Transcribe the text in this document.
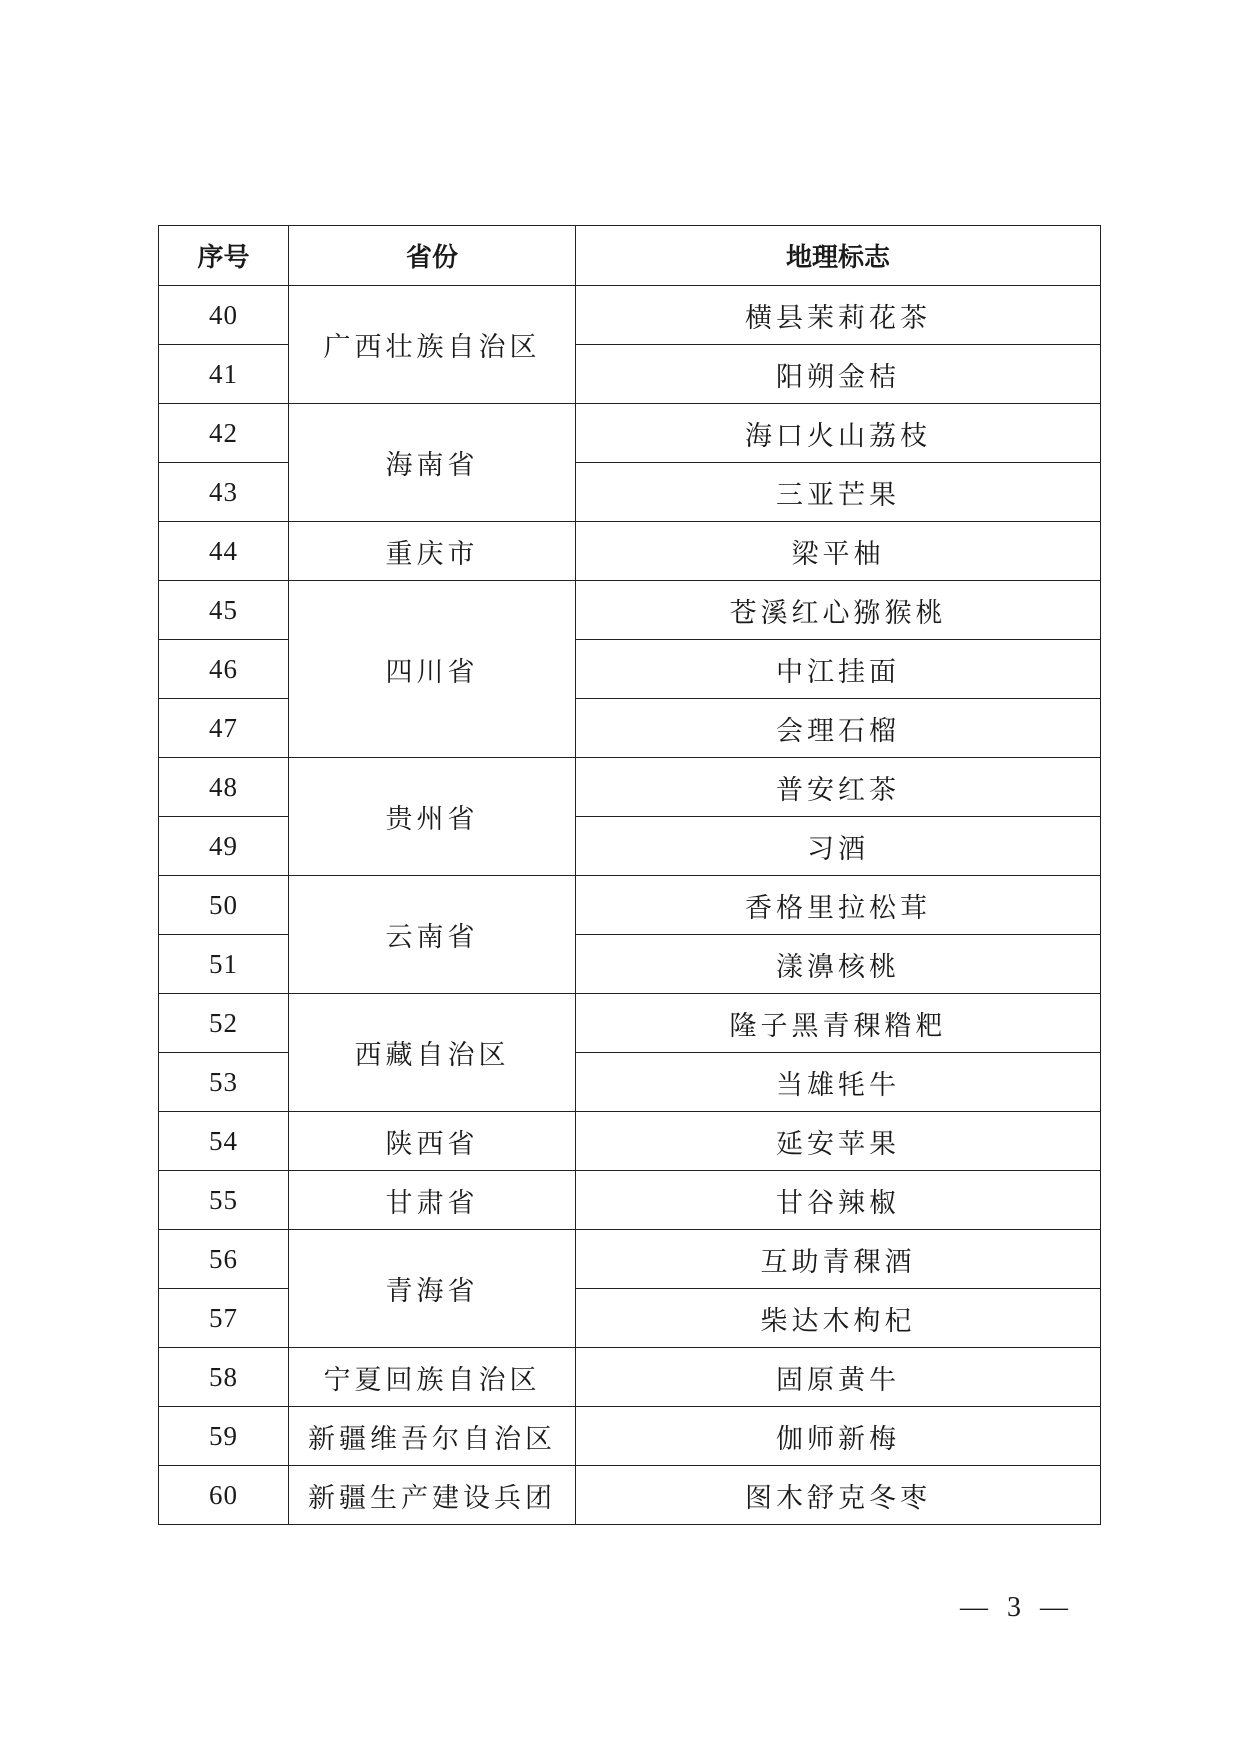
序号	省份	地理标志
40	广西壮族自治区	横县茉莉花茶
41		阳朔金桔
42	海南省	海口火山荔枝
43		三亚芒果
44	重庆市	梁平柚
45	四川省	苍溪红心猕猴桃
46		中江挂面
47		会理石榴
48	贵州省	普安红茶
49		习酒
50	云南省	香格里拉松茸
51		漾濞核桃
52	西藏自治区	隆子黑青稞糌粑
53		当雄牦牛
54	陕西省	延安苹果
55	甘肃省	甘谷辣椒
56	青海省	互助青稞酒
57		柴达木枸杞
58	宁夏回族自治区	固原黄牛
59	新疆维吾尔自治区	伽师新梅
60	新疆生产建设兵团	图木舒克冬枣
— 3 —
